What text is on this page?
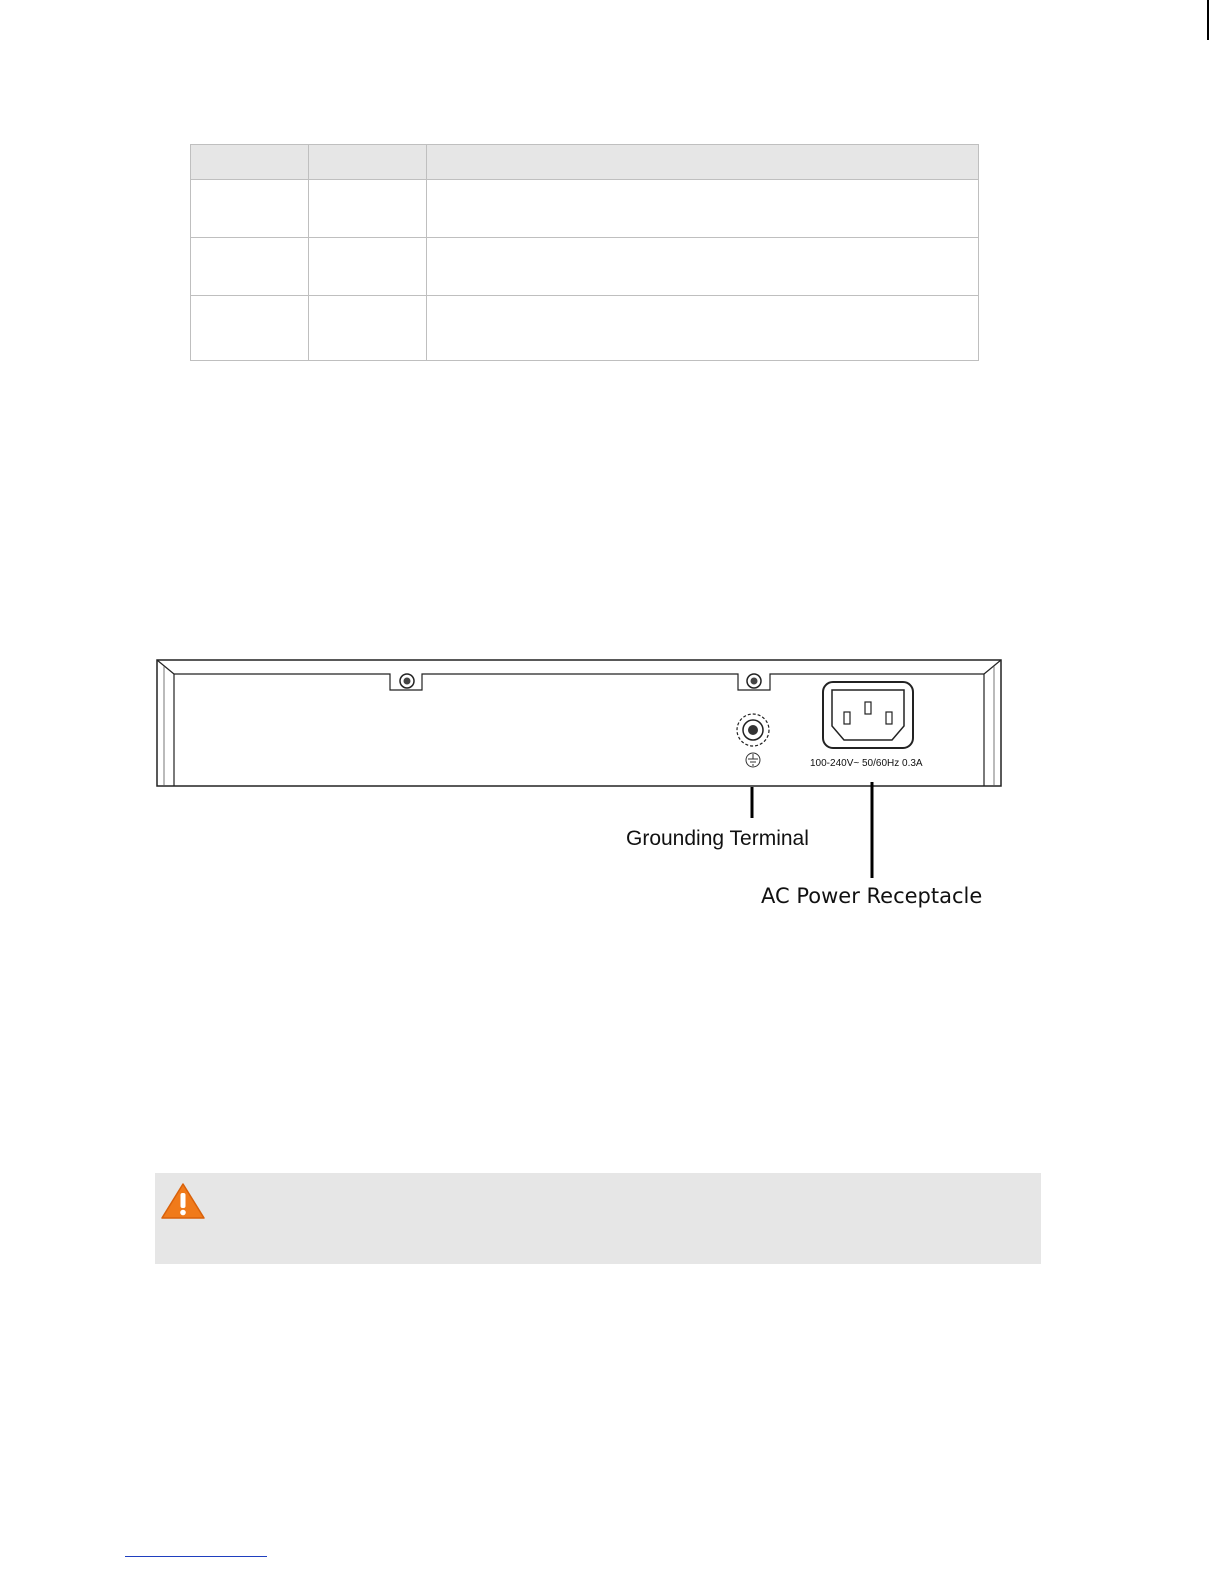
100-240V~ 50/60Hz 0.3A
Grounding Terminal
AC Power Receptacle
